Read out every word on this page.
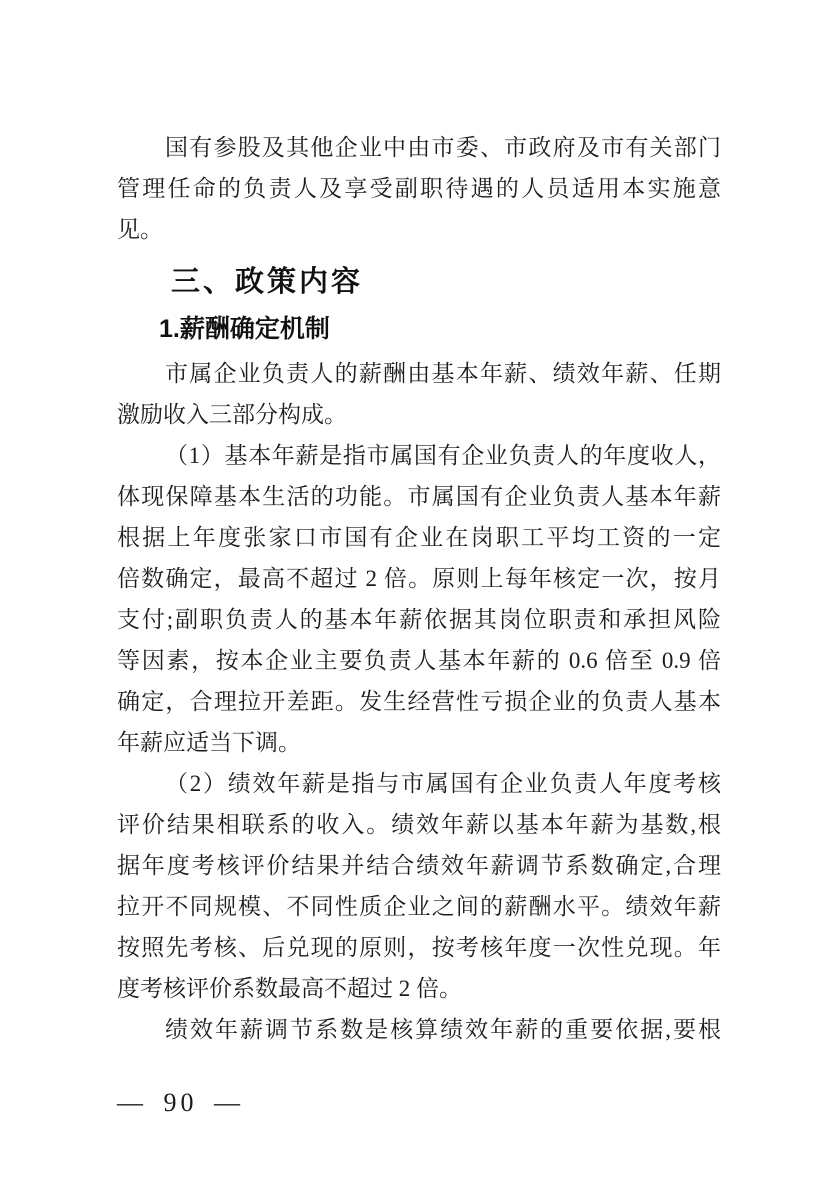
国有参股及其他企业中由市委、市政府及市有关部门
管理任命的负责人及享受副职待遇的人员适用本实施意
见。
三、政策内容
1.薪酬确定机制
市属企业负责人的薪酬由基本年薪、绩效年薪、任期
激励收入三部分构成。
（1）基本年薪是指市属国有企业负责人的年度收人，
体现保障基本生活的功能。市属国有企业负责人基本年薪
根据上年度张家口市国有企业在岗职工平均工资的一定
倍数确定，最高不超过 2 倍。原则上每年核定一次，按月
支付;副职负责人的基本年薪依据其岗位职责和承担风险
等因素，按本企业主要负责人基本年薪的 0.6 倍至 0.9 倍
确定，合理拉开差距。发生经营性亏损企业的负责人基本
年薪应适当下调。
（2）绩效年薪是指与市属国有企业负责人年度考核
评价结果相联系的收入。绩效年薪以基本年薪为基数,根
据年度考核评价结果并结合绩效年薪调节系数确定,合理
拉开不同规模、不同性质企业之间的薪酬水平。绩效年薪
按照先考核、后兑现的原则，按考核年度一次性兑现。年
度考核评价系数最高不超过 2 倍。
绩效年薪调节系数是核算绩效年薪的重要依据,要根
— 90 —
